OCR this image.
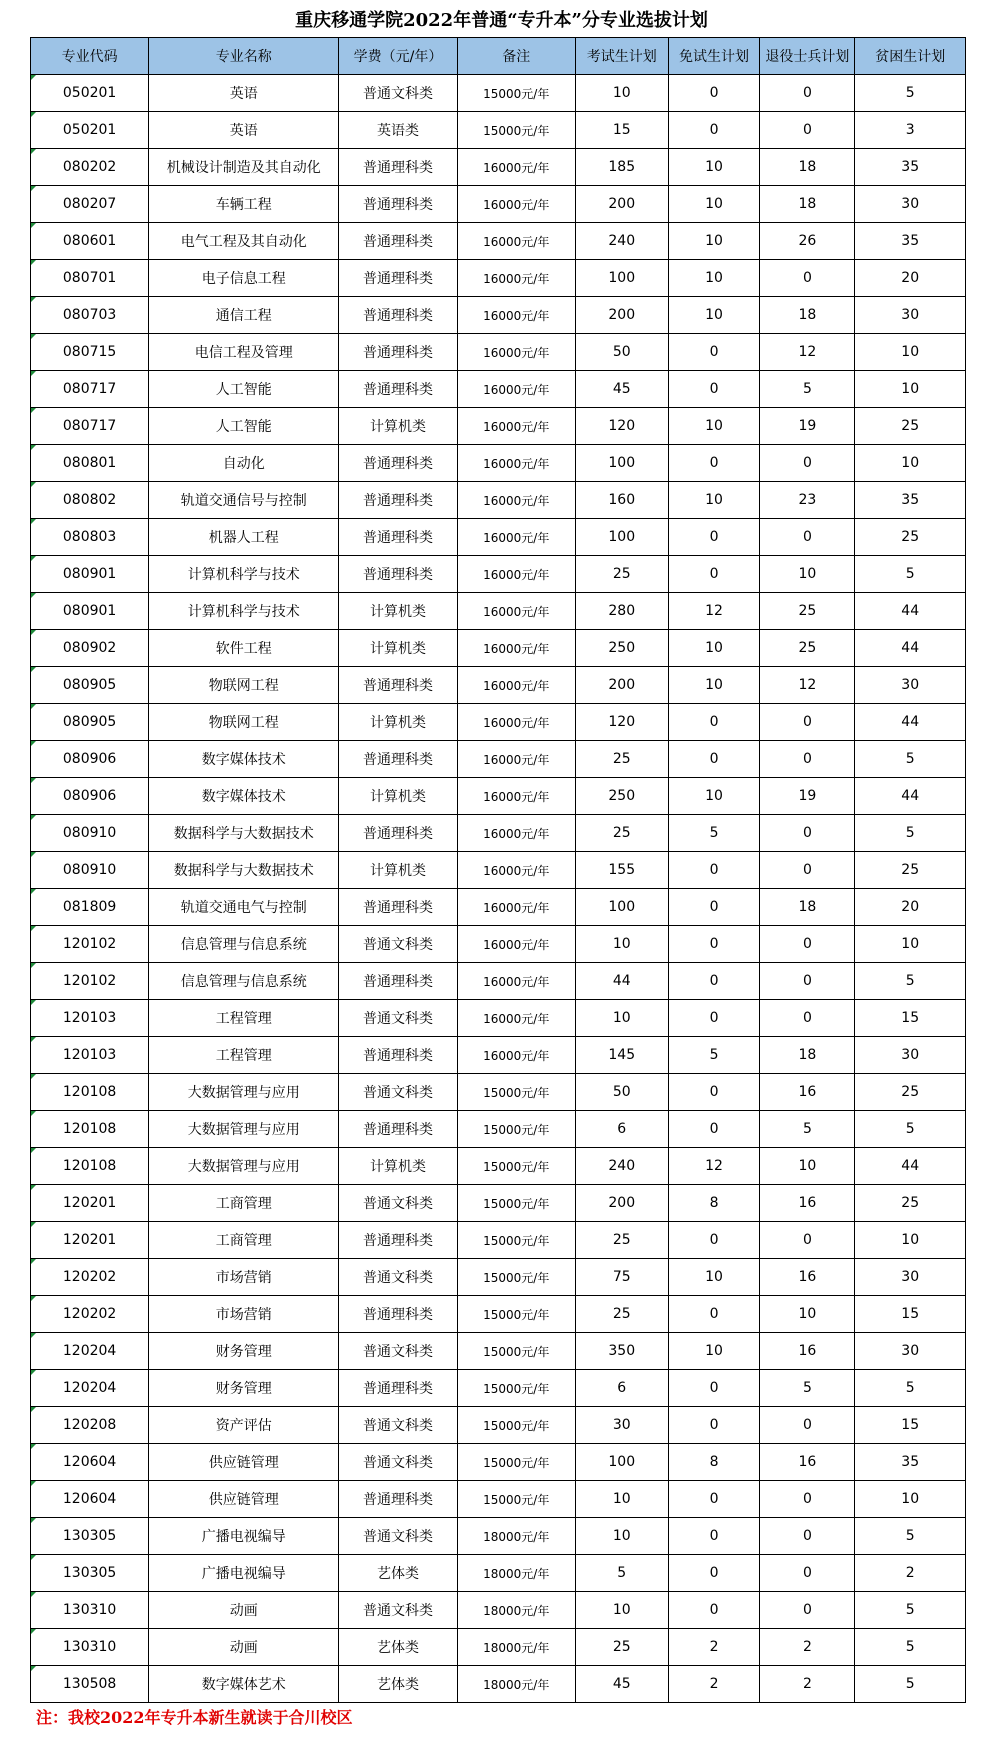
重庆移通学院2022年普通“专升本”分专业选拔计划
专业代码	专业名称	学费（元/年）	备注	考试生计划	免试生计划	退役士兵计划	贫困生计划
050201	英语	普通文科类	15000元/年	10	0	0	5
050201	英语	英语类	15000元/年	15	0	0	3
080202	机械设计制造及其自动化	普通理科类	16000元/年	185	10	18	35
080207	车辆工程	普通理科类	16000元/年	200	10	18	30
080601	电气工程及其自动化	普通理科类	16000元/年	240	10	26	35
080701	电子信息工程	普通理科类	16000元/年	100	10	0	20
080703	通信工程	普通理科类	16000元/年	200	10	18	30
080715	电信工程及管理	普通理科类	16000元/年	50	0	12	10
080717	人工智能	普通理科类	16000元/年	45	0	5	10
080717	人工智能	计算机类	16000元/年	120	10	19	25
080801	自动化	普通理科类	16000元/年	100	0	0	10
080802	轨道交通信号与控制	普通理科类	16000元/年	160	10	23	35
080803	机器人工程	普通理科类	16000元/年	100	0	0	25
080901	计算机科学与技术	普通理科类	16000元/年	25	0	10	5
080901	计算机科学与技术	计算机类	16000元/年	280	12	25	44
080902	软件工程	计算机类	16000元/年	250	10	25	44
080905	物联网工程	普通理科类	16000元/年	200	10	12	30
080905	物联网工程	计算机类	16000元/年	120	0	0	44
080906	数字媒体技术	普通理科类	16000元/年	25	0	0	5
080906	数字媒体技术	计算机类	16000元/年	250	10	19	44
080910	数据科学与大数据技术	普通理科类	16000元/年	25	5	0	5
080910	数据科学与大数据技术	计算机类	16000元/年	155	0	0	25
081809	轨道交通电气与控制	普通理科类	16000元/年	100	0	18	20
120102	信息管理与信息系统	普通文科类	16000元/年	10	0	0	10
120102	信息管理与信息系统	普通理科类	16000元/年	44	0	0	5
120103	工程管理	普通文科类	16000元/年	10	0	0	15
120103	工程管理	普通理科类	16000元/年	145	5	18	30
120108	大数据管理与应用	普通文科类	15000元/年	50	0	16	25
120108	大数据管理与应用	普通理科类	15000元/年	6	0	5	5
120108	大数据管理与应用	计算机类	15000元/年	240	12	10	44
120201	工商管理	普通文科类	15000元/年	200	8	16	25
120201	工商管理	普通理科类	15000元/年	25	0	0	10
120202	市场营销	普通文科类	15000元/年	75	10	16	30
120202	市场营销	普通理科类	15000元/年	25	0	10	15
120204	财务管理	普通文科类	15000元/年	350	10	16	30
120204	财务管理	普通理科类	15000元/年	6	0	5	5
120208	资产评估	普通文科类	15000元/年	30	0	0	15
120604	供应链管理	普通文科类	15000元/年	100	8	16	35
120604	供应链管理	普通理科类	15000元/年	10	0	0	10
130305	广播电视编导	普通文科类	18000元/年	10	0	0	5
130305	广播电视编导	艺体类	18000元/年	5	0	0	2
130310	动画	普通文科类	18000元/年	10	0	0	5
130310	动画	艺体类	18000元/年	25	2	2	5
130508	数字媒体艺术	艺体类	18000元/年	45	2	2	5
注：我校2022年专升本新生就读于合川校区
